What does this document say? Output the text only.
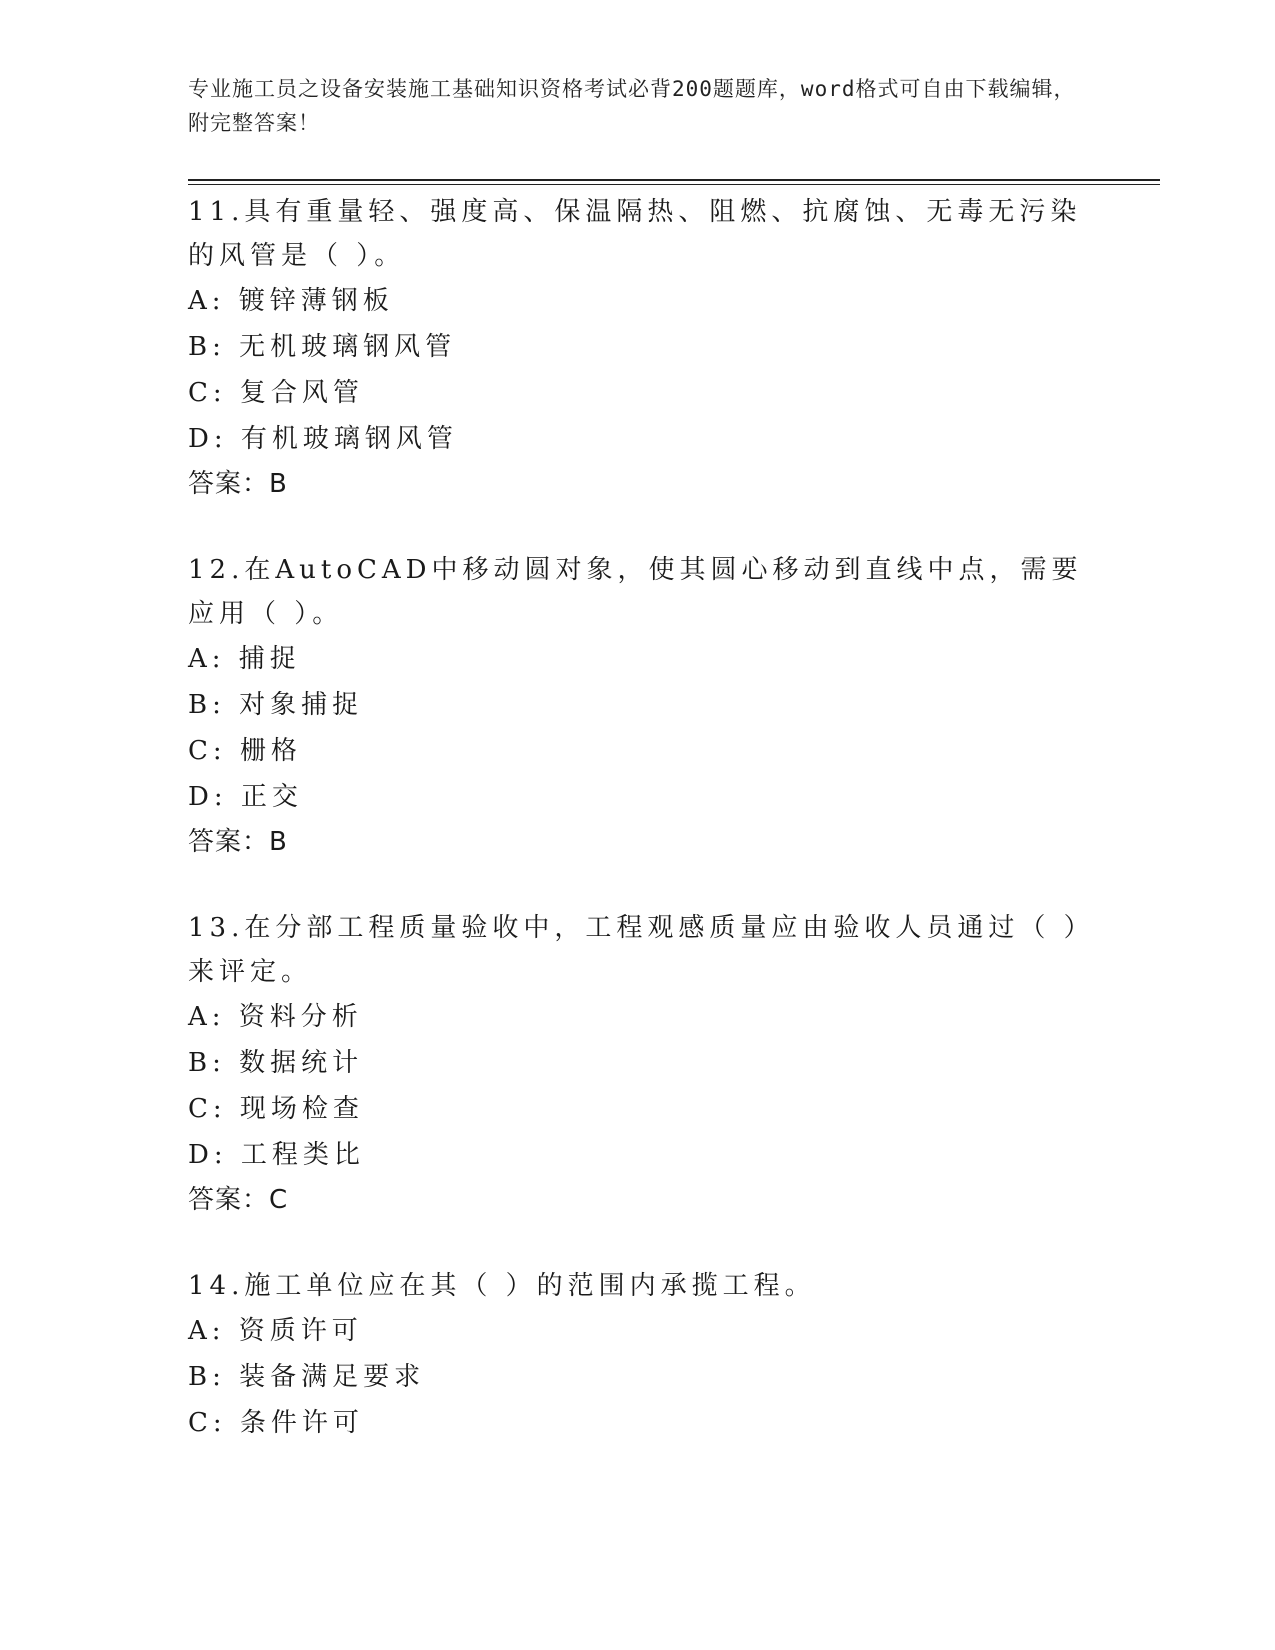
专业施工员之设备安装施工基础知识资格考试必背200题题库，word格式可自由下载编辑，附完整答案！

11.具有重量轻、强度高、保温隔热、阻燃、抗腐蚀、无毒无污染的风管是（ ）。

A: 镀锌薄钢板

B: 无机玻璃钢风管

C: 复合风管

D: 有机玻璃钢风管

答案：B

12.在AutoCAD中移动圆对象，使其圆心移动到直线中点，需要应用（ ）。

A: 捕捉

B: 对象捕捉

C: 栅格

D: 正交

答案：B

13.在分部工程质量验收中，工程观感质量应由验收人员通过（ ）来评定。

A: 资料分析

B: 数据统计

C: 现场检查

D: 工程类比

答案：C

14.施工单位应在其（ ）的范围内承揽工程。

A: 资质许可

B: 装备满足要求

C: 条件许可
